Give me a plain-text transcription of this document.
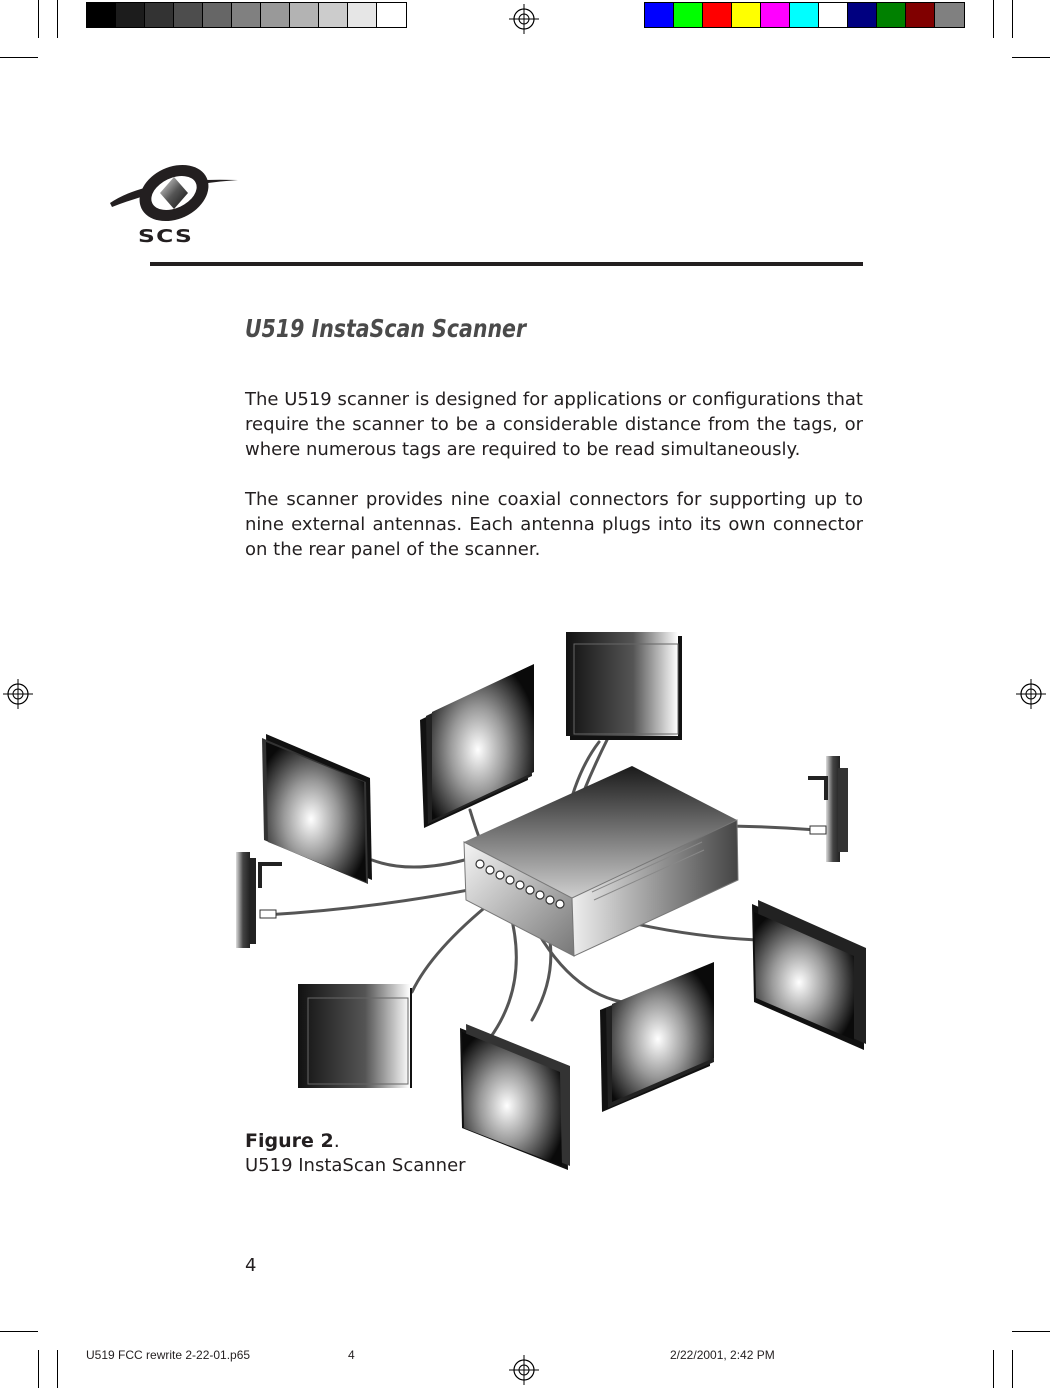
SCS
U519 InstaScan Scanner

The U519 scanner is designed for applications or configurations that require the scanner to be a considerable distance from the tags, or where numerous tags are required to be read simultaneously.

The scanner provides nine coaxial connectors for supporting up to nine external antennas. Each antenna plugs into its own connector on the rear panel of the scanner.

Figure 2.
U519 InstaScan Scanner
4
U519 FCC rewrite 2-22-01.p65	4	2/22/2001, 2:42 PM
